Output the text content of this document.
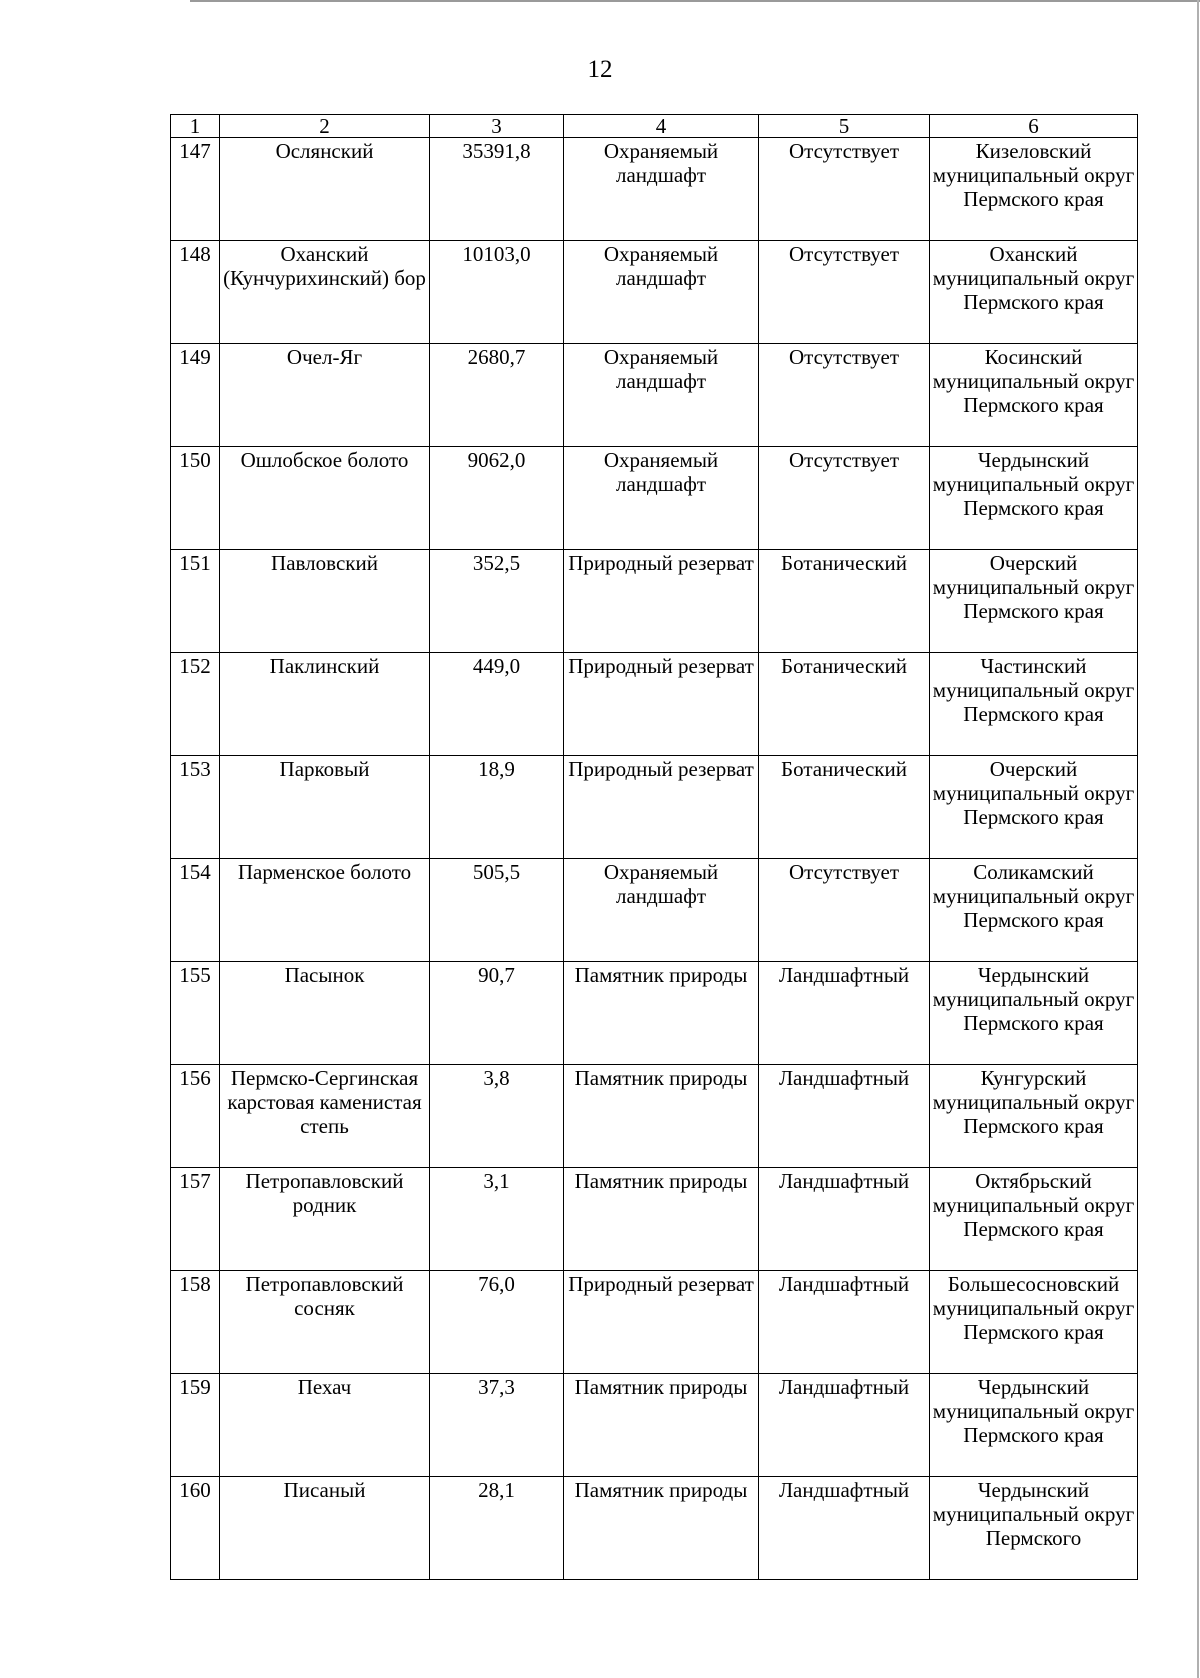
12
1	2	3	4	5	6
147	Ослянский	35391,8	Охраняемый ландшафт	Отсутствует	Кизеловский муниципальный округ Пермского края
148	Оханский (Кунчурихинский) бор	10103,0	Охраняемый ландшафт	Отсутствует	Оханский муниципальный округ Пермского края
149	Очел-Яг	2680,7	Охраняемый ландшафт	Отсутствует	Косинский муниципальный округ Пермского края
150	Ошлобское болото	9062,0	Охраняемый ландшафт	Отсутствует	Чердынский муниципальный округ Пермского края
151	Павловский	352,5	Природный резерват	Ботанический	Очерский муниципальный округ Пермского края
152	Паклинский	449,0	Природный резерват	Ботанический	Частинский муниципальный округ Пермского края
153	Парковый	18,9	Природный резерват	Ботанический	Очерский муниципальный округ Пермского края
154	Парменское болото	505,5	Охраняемый ландшафт	Отсутствует	Соликамский муниципальный округ Пермского края
155	Пасынок	90,7	Памятник природы	Ландшафтный	Чердынский муниципальный округ Пермского края
156	Пермско-Сергинская карстовая каменистая степь	3,8	Памятник природы	Ландшафтный	Кунгурский муниципальный округ Пермского края
157	Петропавловский родник	3,1	Памятник природы	Ландшафтный	Октябрьский муниципальный округ Пермского края
158	Петропавловский сосняк	76,0	Природный резерват	Ландшафтный	Большесосновский муниципальный округ Пермского края
159	Пехач	37,3	Памятник природы	Ландшафтный	Чердынский муниципальный округ Пермского края
160	Писаный	28,1	Памятник природы	Ландшафтный	Чердынский муниципальный округ Пермского
